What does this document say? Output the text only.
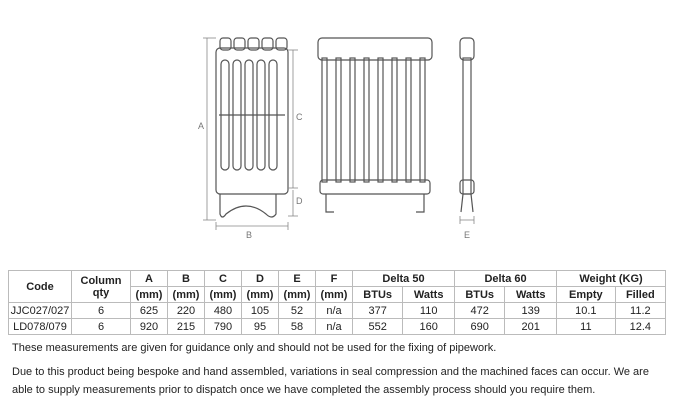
A
B
C
D
E
Code	Column qty	A	B	C	D	E	F	Delta 50		Delta 60		Weight (KG)	
		(mm)	(mm)	(mm)	(mm)	(mm)	(mm)	BTUs	Watts	BTUs	Watts	Empty	Filled
JJC027/027	6	625	220	480	105	52	n/a	377	110	472	139	10.1	11.2
LD078/079	6	920	215	790	95	58	n/a	552	160	690	201	11	12.4

These measurements are given for guidance only and should not be used for the fixing of pipework.

Due to this product being bespoke and hand assembled, variations in seal compression and the machined faces can occur. We are able to supply measurements prior to dispatch once we have completed the assembly process should you require them.
